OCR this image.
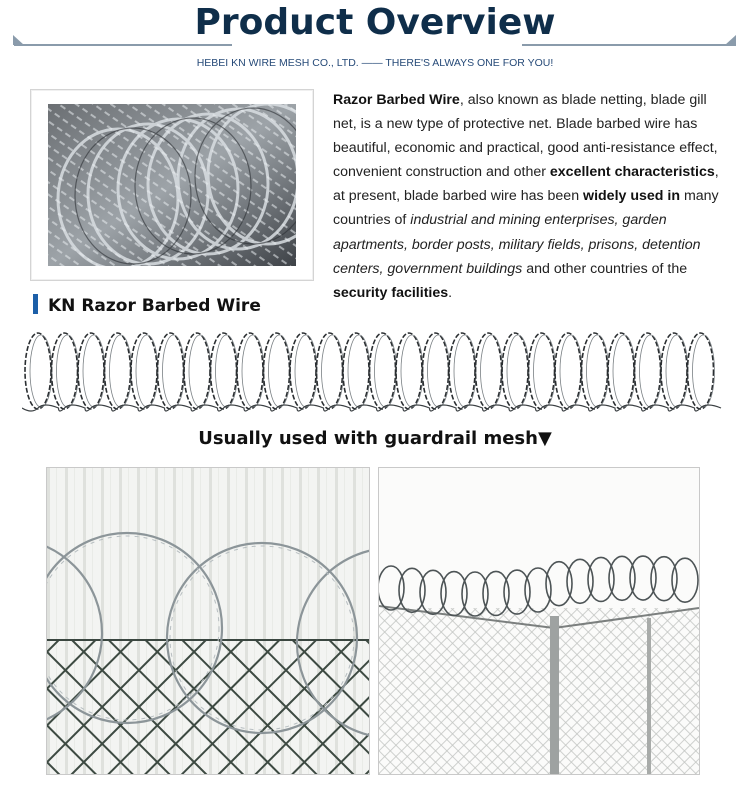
Product Overview
HEBEI KN WIRE MESH CO., LTD. —— THERE'S ALWAYS ONE FOR YOU!
Razor Barbed Wire, also known as blade netting, blade gill net, is a new type of protective net. Blade barbed wire has beautiful, economic and practical, good anti-resistance effect, convenient construction and other excellent characteristics, at present, blade barbed wire has been widely used in many countries of industrial and mining enterprises, garden apartments, border posts, military fields, prisons, detention centers, government buildings and other countries of the security facilities.
KN Razor Barbed Wire
Usually used with guardrail mesh▼
